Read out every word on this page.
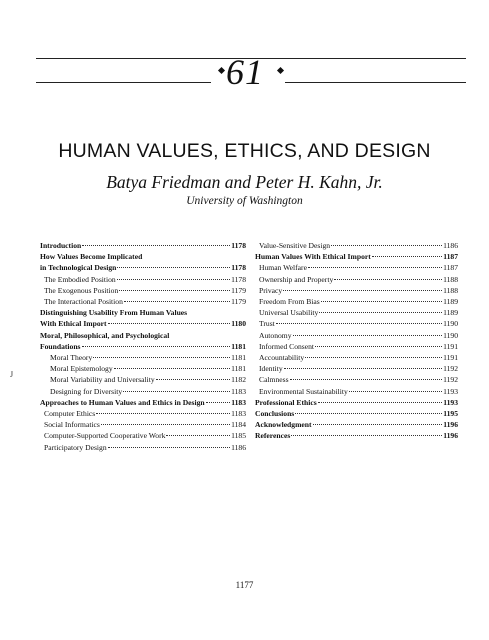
61
HUMAN VALUES, ETHICS, AND DESIGN
Batya Friedman and Peter H. Kahn, Jr.
University of Washington
J
Introduction	1178
How Values Become Implicated
in Technological Design	1178
The Embodied Position	1178
The Exogenous Position	1179
The Interactional Position	1179
Distinguishing Usability From Human Values
With Ethical Import	1180
Moral, Philosophical, and Psychological
Foundations	1181
Moral Theory	1181
Moral Epistemology	1181
Moral Variability and Universality	1182
Designing for Diversity	1183
Approaches to Human Values and Ethics in Design	1183
Computer Ethics	1183
Social Informatics	1184
Computer-Supported Cooperative Work	1185
Participatory Design	1186
Value-Sensitive Design	1186
Human Values With Ethical Import	1187
Human Welfare	1187
Ownership and Property	1188
Privacy	1188
Freedom From Bias	1189
Universal Usability	1189
Trust	1190
Autonomy	1190
Informed Consent	1191
Accountability	1191
Identity	1192
Calmness	1192
Environmental Sustainability	1193
Professional Ethics	1193
Conclusions	1195
Acknowledgment	1196
References	1196
1177
